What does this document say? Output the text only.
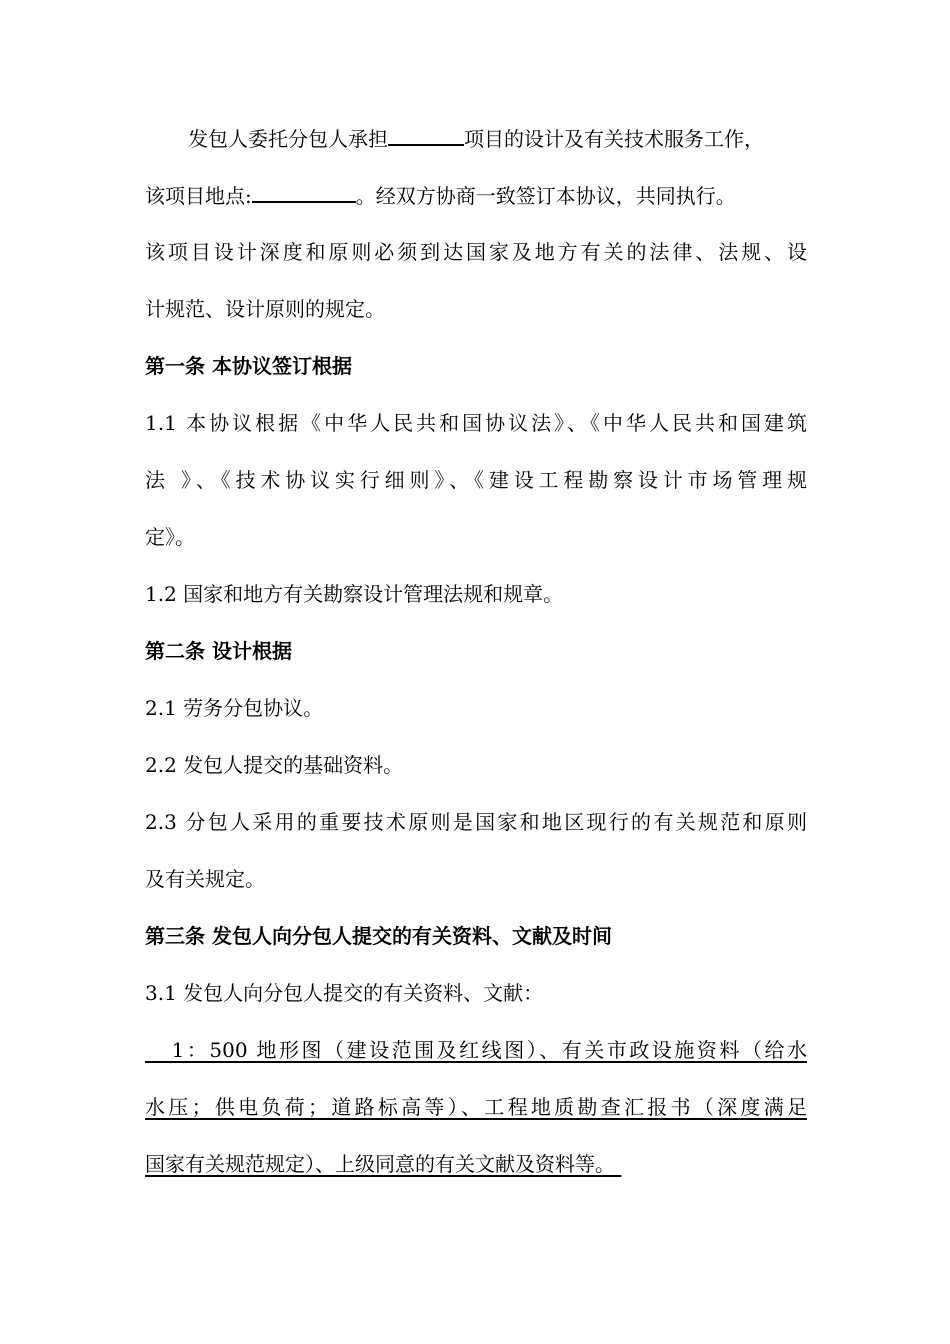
发包人委托分包人承担	项目的设计及有关技术服务工作，
该项目地点:	。经双方协商一致签订本协议，共同执行。
该项目设计深度和原则必须到达国家及地方有关的法律、法规、设
计规范、设计原则的规定。
第一条 本协议签订根据
1.1 本协议根据《中华人民共和国协议法》、《中华人民共和国建筑
法 》、《技术协议实行细则》、《建设工程勘察设计市场管理规
定》。
1.2 国家和地方有关勘察设计管理法规和规章。
第二条 设计根据
2.1 劳务分包协议。
2.2 发包人提交的基础资料。
2.3 分包人采用的重要技术原则是国家和地区现行的有关规范和原则
及有关规定。
第三条 发包人向分包人提交的有关资料、文献及时间
3.1 发包人向分包人提交的有关资料、文献：
1：500 地形图（建设范围及红线图）、有关市政设施资料（给水
水压；供电负荷；道路标高等）、工程地质勘查汇报书（深度满足
国家有关规范规定）、上级同意的有关文献及资料等。
